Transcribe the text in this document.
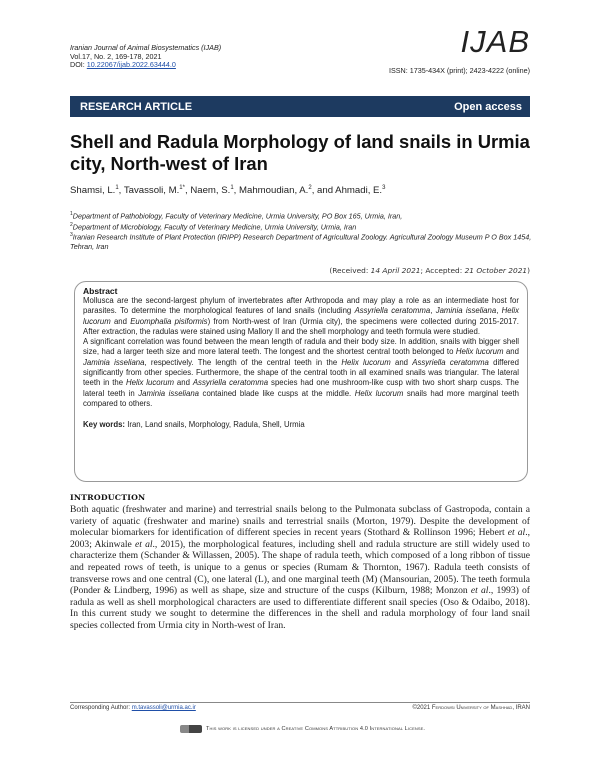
Iranian Journal of Animal Biosystematics (IJAB)
Vol.17, No. 2, 169-178, 2021
DOI: 10.22067/ijab.2022.63444.0
IJAB
ISSN: 1735-434X (print); 2423-4222 (online)
RESEARCH ARTICLE	Open access
Shell and Radula Morphology of land snails in Urmia city, North-west of Iran
Shamsi, L.$^1$, Tavassoli, M.$^{1*}$, Naem, S.$^1$, Mahmoudian, A.$^2$, and Ahmadi, E.$^3$
$^1$Department of Pathobiology, Faculty of Veterinary Medicine, Urmia University, PO Box 165, Urmia, Iran,
$^2$Department of Microbiology, Faculty of Veterinary Medicine, Urmia University, Urmia, Iran
$^3$Iranian Research Institute of Plant Protection (IRIPP) Research Department of Agricultural Zoology. Agricultural Zoology Museum P O Box 1454, Tehran, Iran
(Received: 14 April 2021; Accepted: 21 October 2021)
Abstract

Mollusca are the second-largest phylum of invertebrates after Arthropoda and may play a role as an intermediate host for parasites. To determine the morphological features of land snails (including Assyriella ceratomma, Jaminia isseliana, Helix lucorum and Euomphalia pisiformis) from North-west of Iran (Urmia city), the specimens were collected during 2015-2017. After extraction, the radulas were stained using Mallory II and the shell morphology and teeth formula were studied.

A significant correlation was found between the mean length of radula and their body size. In addition, snails with bigger shell size, had a larger teeth size and more lateral teeth. The longest and the shortest central tooth belonged to Helix lucorum and Jaminia isseliana, respectively. The length of the central teeth in the Helix lucorum and Assyriella ceratomma differed significantly from other species. Furthermore, the shape of the central tooth in all examined snails was triangular. The lateral teeth in the Helix lucorum and Assyriella ceratomma species had one mushroom-like cusp with two short sharp cusps. The lateral teeth in Jaminia isseliana contained blade like cusps at the middle. Helix lucorum snails had more marginal teeth compared to others.

Key words: Iran, Land snails, Morphology, Radula, Shell, Urmia
INTRODUCTION

Both aquatic (freshwater and marine) and terrestrial snails belong to the Pulmonata subclass of Gastropoda, contain a variety of aquatic (freshwater and marine) snails and terrestrial snails (Morton, 1979). Despite the development of molecular biomarkers for identification of different species in recent years (Stothard & Rollinson 1996; Hebert et al., 2003; Akinwale et al., 2015), the morphological features, including shell and radula structure are still widely used to characterize them (Schander & Willassen, 2005). The shape of radula teeth, which composed of a long ribbon of tissue and repeated rows of teeth, is unique to a genus or species (Rumam & Thornton, 1967). Radula teeth consists of transverse rows and one central (C), one lateral (L), and one marginal teeth (M) (Mansourian, 2005). The teeth formula (Ponder & Lindberg, 1996) as well as shape, size and structure of the cusps (Kilburn, 1988; Monzon et al., 1993) of radula as well as shell morphological characters are used to differentiate different snail species (Oso & Odaibo, 2018). In this current study we sought to determine the differences in the shell and radula morphology of four land snail species collected from Urmia city in North-west of Iran.

Corresponding Author: m.tavassoli@urmia.ac.ir	©2021 Ferdowsi University of Mashhad, IRAN
This work is licensed under a Creative Commons Attribution 4.0 International License.
